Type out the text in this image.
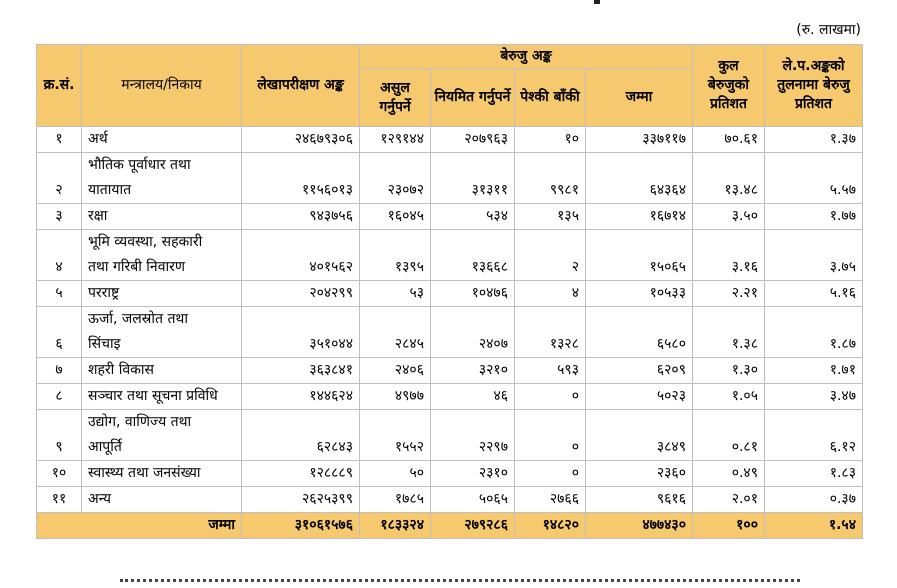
(रु. लाखमा)
क्र.सं.	मन्त्रालय/निकाय	लेखापरीक्षण अङ्क	बेरुजु अङ्क				कुल बेरुजुको प्रतिशत	ले.प.अङ्कको तुलनामा बेरुजु प्रतिशत
			असुल गर्नुपर्ने	नियमित गर्नुपर्ने	पेश्की बाँकी	जम्मा		
१	अर्थ	२४६७९३०६	१२९१४४	२०७९६३	१०	३३७११७	७०.६१	१.३७
२	भौतिक पूर्वाधार तथा
यातायात	११५६०१३	२३०७२	३१३११	९९८१	६४३६४	१३.४८	५.५७
३	रक्षा	९४३७५६	१६०४५	५३४	१३५	१६७१४	३.५०	१.७७
४	भूमि व्यवस्था, सहकारी
तथा गरिबी निवारण	४०१५६२	१३९५	१३६६८	२	१५०६५	३.१६	३.७५
५	परराष्ट्र	२०४२९९	५३	१०४७६	४	१०५३३	२.२१	५.१६
६	ऊर्जा, जलस्रोत तथा
सिंचाइ	३५१०४४	२८४५	२४०७	१३२८	६५८०	१.३८	१.८७
७	शहरी विकास	३६३८४१	२४०६	३२१०	५९३	६२०९	१.३०	१.७१
८	सञ्चार तथा सूचना प्रविधि	१४४६२४	४९७७	४६	०	५०२३	१.०५	३.४७
९	उद्योग, वाणिज्य तथा
आपूर्ति	६२८४३	१५५२	२२९७	०	३८४९	०.८१	६.१२
१०	स्वास्थ्य तथा जनसंख्या	१२८८८९	५०	२३१०	०	२३६०	०.४९	१.८३
११	अन्य	२६२५३९९	१७८५	५०६५	२७६६	९६१६	२.०१	०.३७
जम्मा		३१०६१५७६	१८३३२४	२७९२८६	१४८२०	४७७४३०	१००	१.५४
